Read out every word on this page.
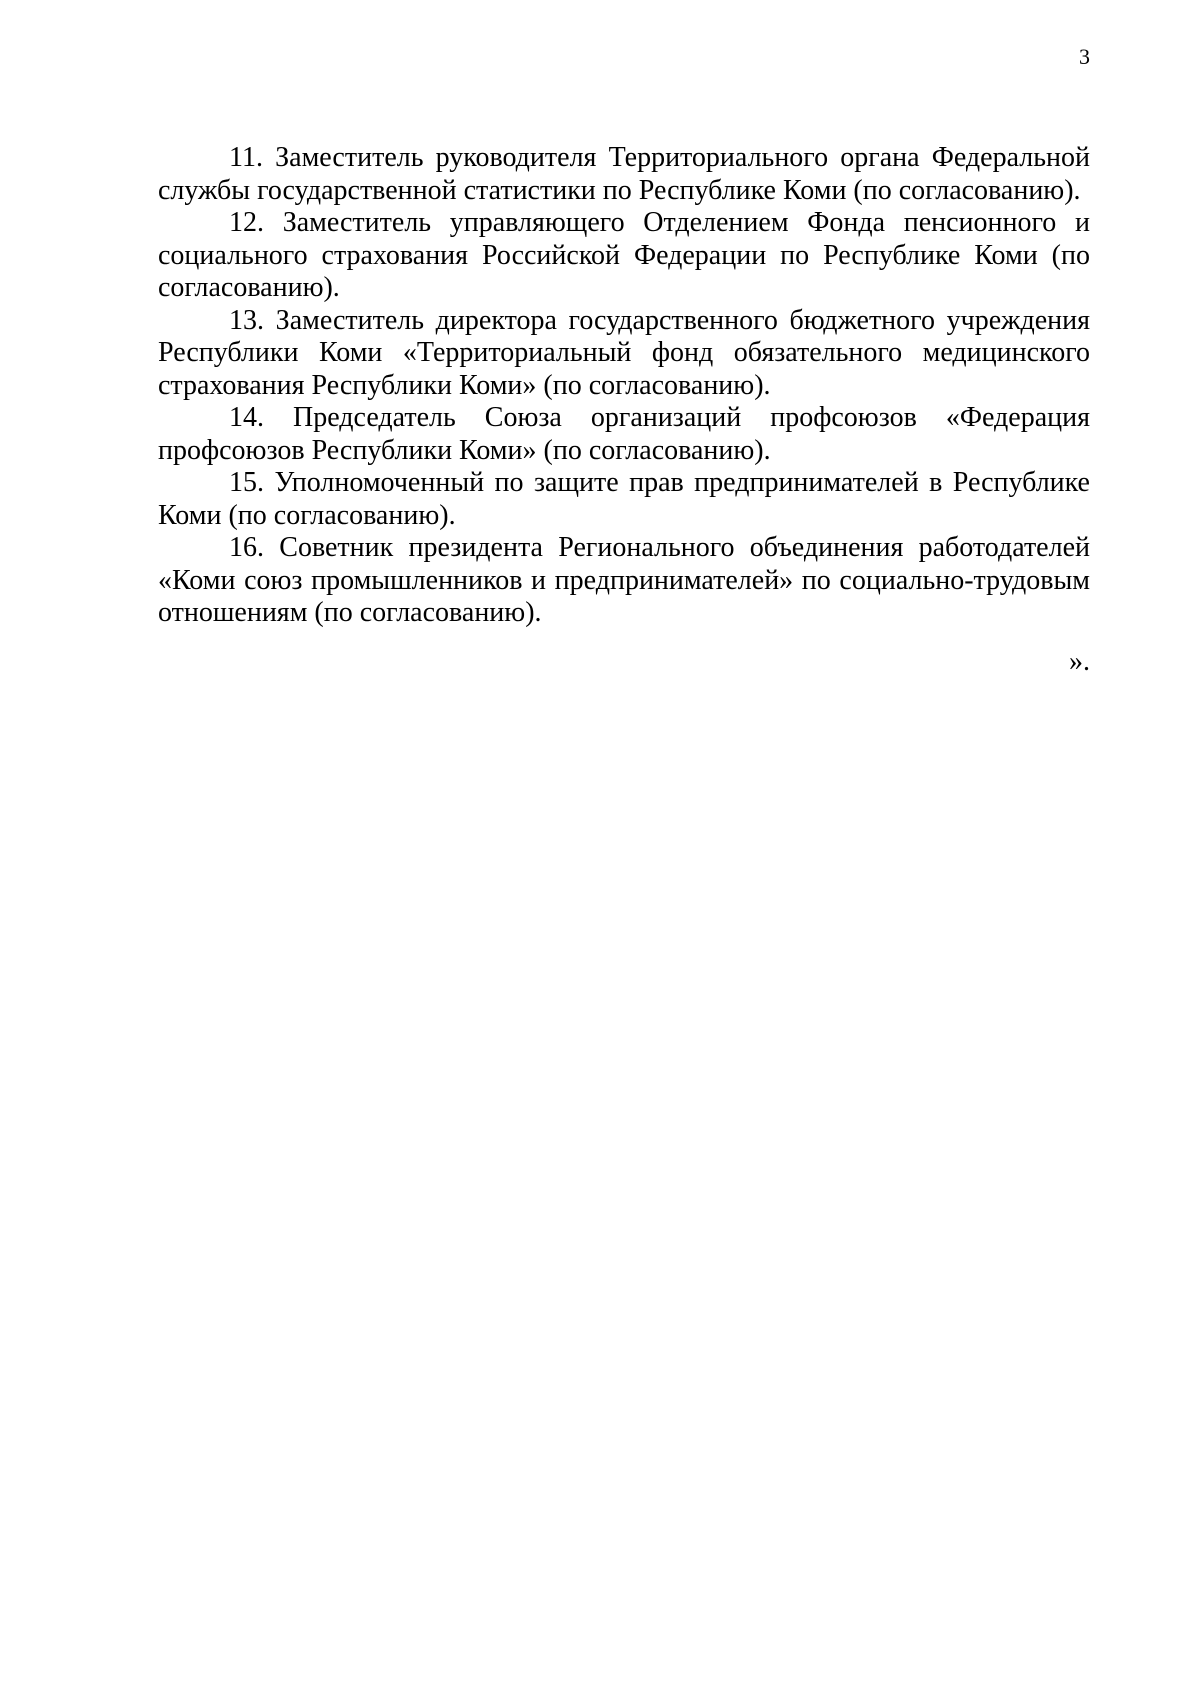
3

11. Заместитель руководителя Территориального органа Федеральной службы государственной статистики по Республике Коми (по согласованию).

12. Заместитель управляющего Отделением Фонда пенсионного и социального страхования Российской Федерации по Республике Коми (по согласованию).

13. Заместитель директора государственного бюджетного учреждения Республики Коми «Территориальный фонд обязательного медицинского страхования Республики Коми» (по согласованию).

14. Председатель Союза организаций профсоюзов «Федерация профсоюзов Республики Коми» (по согласованию).

15. Уполномоченный по защите прав предпринимателей в Республике Коми (по согласованию).

16. Советник президента Регионального объединения работодателей «Коми союз промышленников и предпринимателей» по социально-трудовым отношениям (по согласованию).

».
